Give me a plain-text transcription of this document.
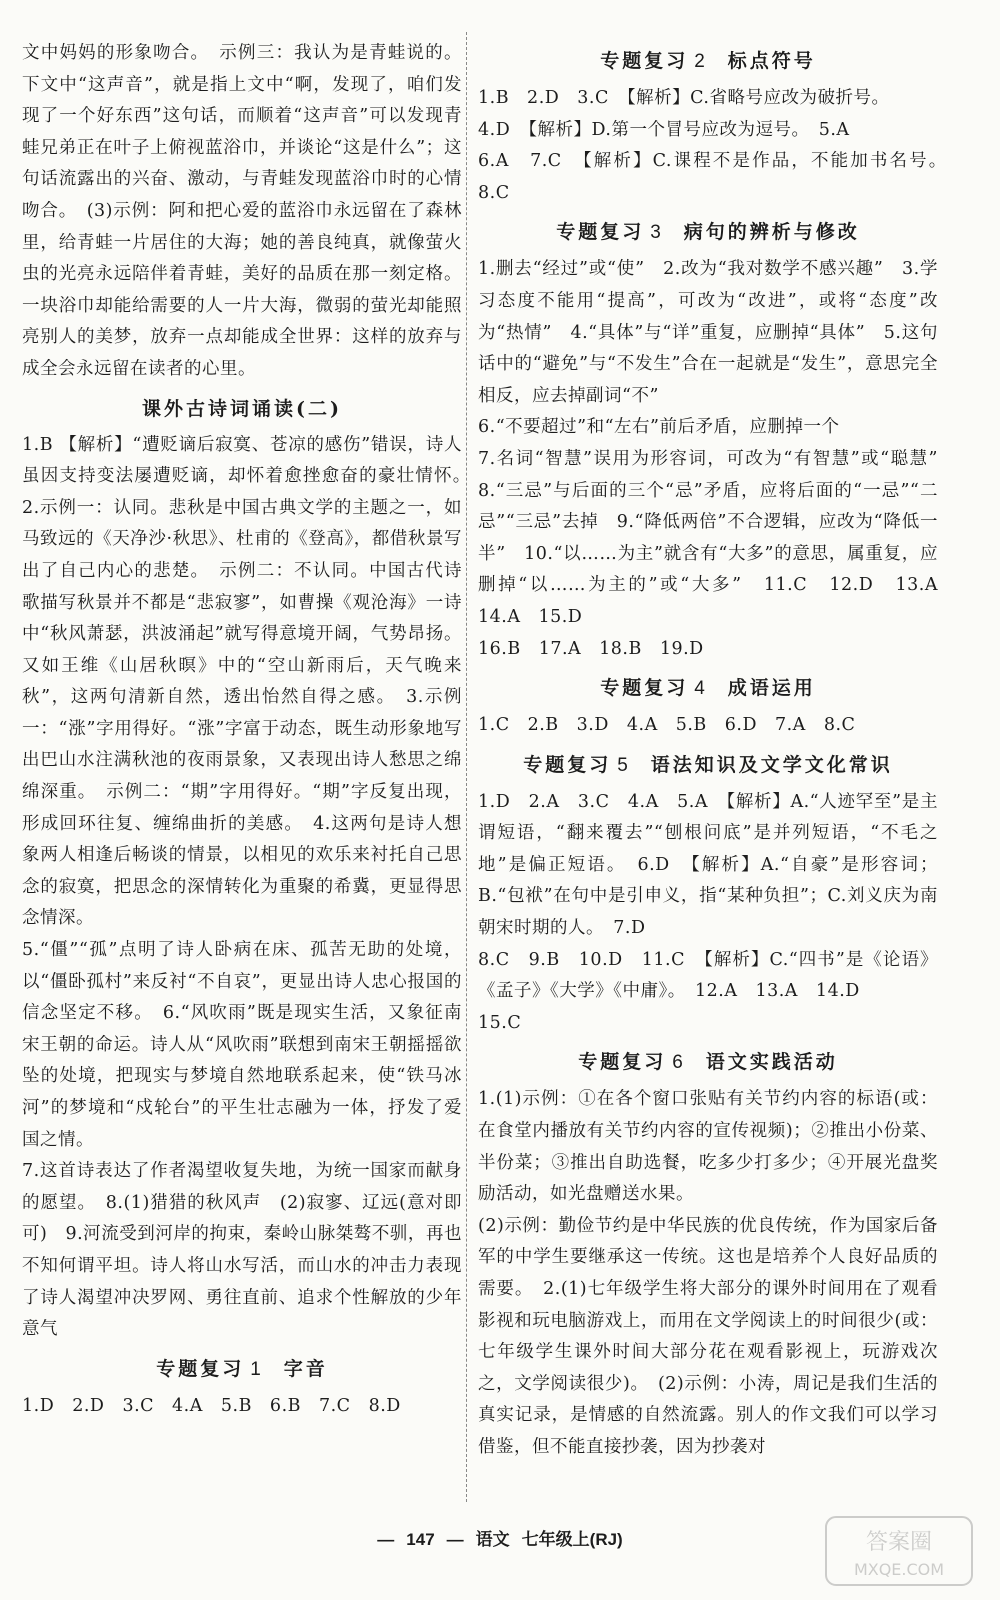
文中妈妈的形象吻合。　示例三：我认为是青蛙说的。下文中“这声音”，就是指上文中“啊，发现了，咱们发现了一个好东西”这句话，而顺着“这声音”可以发现青蛙兄弟正在叶子上俯视蓝浴巾，并谈论“这是什么”；这句话流露出的兴奋、激动，与青蛙发现蓝浴巾时的心情吻合。　(3)示例：阿和把心爱的蓝浴巾永远留在了森林里，给青蛙一片居住的大海；她的善良纯真，就像萤火虫的光亮永远陪伴着青蛙，美好的品质在那一刻定格。一块浴巾却能给需要的人一片大海，微弱的萤光却能照亮别人的美梦，放弃一点却能成全世界：这样的放弃与成全会永远留在读者的心里。

课外古诗词诵读(二)

1.B 【解析】“遭贬谪后寂寞、苍凉的感伤”错误，诗人虽因支持变法屡遭贬谪，却怀着愈挫愈奋的豪壮情怀。　2.示例一：认同。悲秋是中国古典文学的主题之一，如马致远的《天净沙·秋思》、杜甫的《登高》，都借秋景写出了自己内心的悲楚。　示例二：不认同。中国古代诗歌描写秋景并不都是“悲寂寥”，如曹操《观沧海》一诗中“秋风萧瑟，洪波涌起”就写得意境开阔，气势昂扬。又如王维《山居秋暝》中的“空山新雨后，天气晚来秋”，这两句清新自然，透出怡然自得之感。　3.示例一：“涨”字用得好。“涨”字富于动态，既生动形象地写出巴山水注满秋池的夜雨景象，又表现出诗人愁思之绵绵深重。　示例二：“期”字用得好。“期”字反复出现，形成回环往复、缠绵曲折的美感。　4.这两句是诗人想象两人相逢后畅谈的情景，以相见的欢乐来衬托自己思念的寂寞，把思念的深情转化为重聚的希冀，更显得思念情深。

5.“僵”“孤”点明了诗人卧病在床、孤苦无助的处境，以“僵卧孤村”来反衬“不自哀”，更显出诗人忠心报国的信念坚定不移。　6.“风吹雨”既是现实生活，又象征南宋王朝的命运。诗人从“风吹雨”联想到南宋王朝摇摇欲坠的处境，把现实与梦境自然地联系起来，使“铁马冰河”的梦境和“戍轮台”的平生壮志融为一体，抒发了爱国之情。

7.这首诗表达了作者渴望收复失地，为统一国家而献身的愿望。　8.(1)猎猎的秋风声　(2)寂寥、辽远(意对即可)　9.河流受到河岸的拘束，秦岭山脉桀骜不驯，再也不知何谓平坦。诗人将山水写活，而山水的冲击力表现了诗人渴望冲决罗网、勇往直前、追求个性解放的少年意气

专题复习 1 字音

1.D　2.D　3.C　4.A　5.B　6.B　7.C　8.D

专题复习 2 标点符号

1.B　2.D　3.C　【解析】C.省略号应改为破折号。

4.D　【解析】D.第一个冒号应改为逗号。　5.A

6.A　7.C　【解析】C.课程不是作品，不能加书名号。　8.C

专题复习 3 病句的辨析与修改

1.删去“经过”或“使”　2.改为“我对数学不感兴趣”　3.学习态度不能用“提高”，可改为“改进”，或将“态度”改为“热情”　4.“具体”与“详”重复，应删掉“具体”　5.这句话中的“避免”与“不发生”合在一起就是“发生”，意思完全相反，应去掉副词“不”

6.“不要超过”和“左右”前后矛盾，应删掉一个

7.名词“智慧”误用为形容词，可改为“有智慧”或“聪慧”　8.“三忌”与后面的三个“忌”矛盾，应将后面的“一忌”“二忌”“三忌”去掉　9.“降低两倍”不合逻辑，应改为“降低一半”　10.“以……为主”就含有“大多”的意思，属重复，应删掉“以……为主的”或“大多”　11.C　12.D　13.A　14.A　15.D

16.B　17.A　18.B　19.D

专题复习 4 成语运用

1.C　2.B　3.D　4.A　5.B　6.D　7.A　8.C

专题复习 5 语法知识及文学文化常识

1.D　2.A　3.C　4.A　5.A　【解析】A.“人迹罕至”是主谓短语，“翻来覆去”“刨根问底”是并列短语，“不毛之地”是偏正短语。　6.D　【解析】A.“自豪”是形容词；B.“包袱”在句中是引申义，指“某种负担”；C.刘义庆为南朝宋时期的人。　7.D

8.C　9.B　10.D　11.C　【解析】C.“四书”是《论语》《孟子》《大学》《中庸》。　12.A　13.A　14.D

15.C

专题复习 6 语文实践活动

1.(1)示例：①在各个窗口张贴有关节约内容的标语(或：在食堂内播放有关节约内容的宣传视频)；②推出小份菜、半份菜；③推出自助选餐，吃多少打多少；④开展光盘奖励活动，如光盘赠送水果。

(2)示例：勤俭节约是中华民族的优良传统，作为国家后备军的中学生要继承这一传统。这也是培养个人良好品质的需要。　2.(1)七年级学生将大部分的课外时间用在了观看影视和玩电脑游戏上，而用在文学阅读上的时间很少(或：七年级学生课外时间大部分花在观看影视上，玩游戏次之，文学阅读很少)。　(2)示例：小涛，周记是我们生活的真实记录，是情感的自然流露。别人的作文我们可以学习借鉴，但不能直接抄袭，因为抄袭对

— 147 — 语文 七年级上(RJ)	答案圈
MXQE.COM
